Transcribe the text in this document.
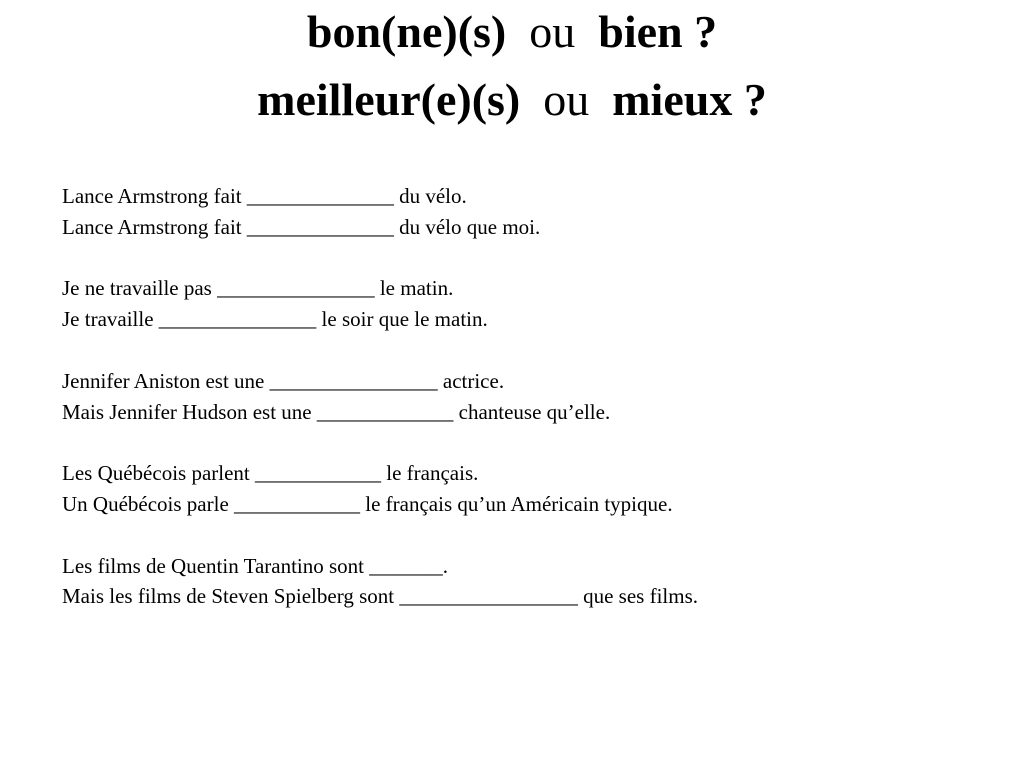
bon(ne)(s) ou bien ?
meilleur(e)(s) ou mieux ?
Lance Armstrong fait ______________ du vélo.
Lance Armstrong fait ______________ du vélo que moi.
Je ne travaille pas _______________ le matin.
Je travaille _______________ le soir que le matin.
Jennifer Aniston est une ________________ actrice.
Mais Jennifer Hudson est une _____________ chanteuse qu’elle.
Les Québécois parlent ____________ le français.
Un Québécois parle ____________ le français qu’un Américain typique.
Les films de Quentin Tarantino sont _______.
Mais les films de Steven Spielberg sont _________________ que ses films.
